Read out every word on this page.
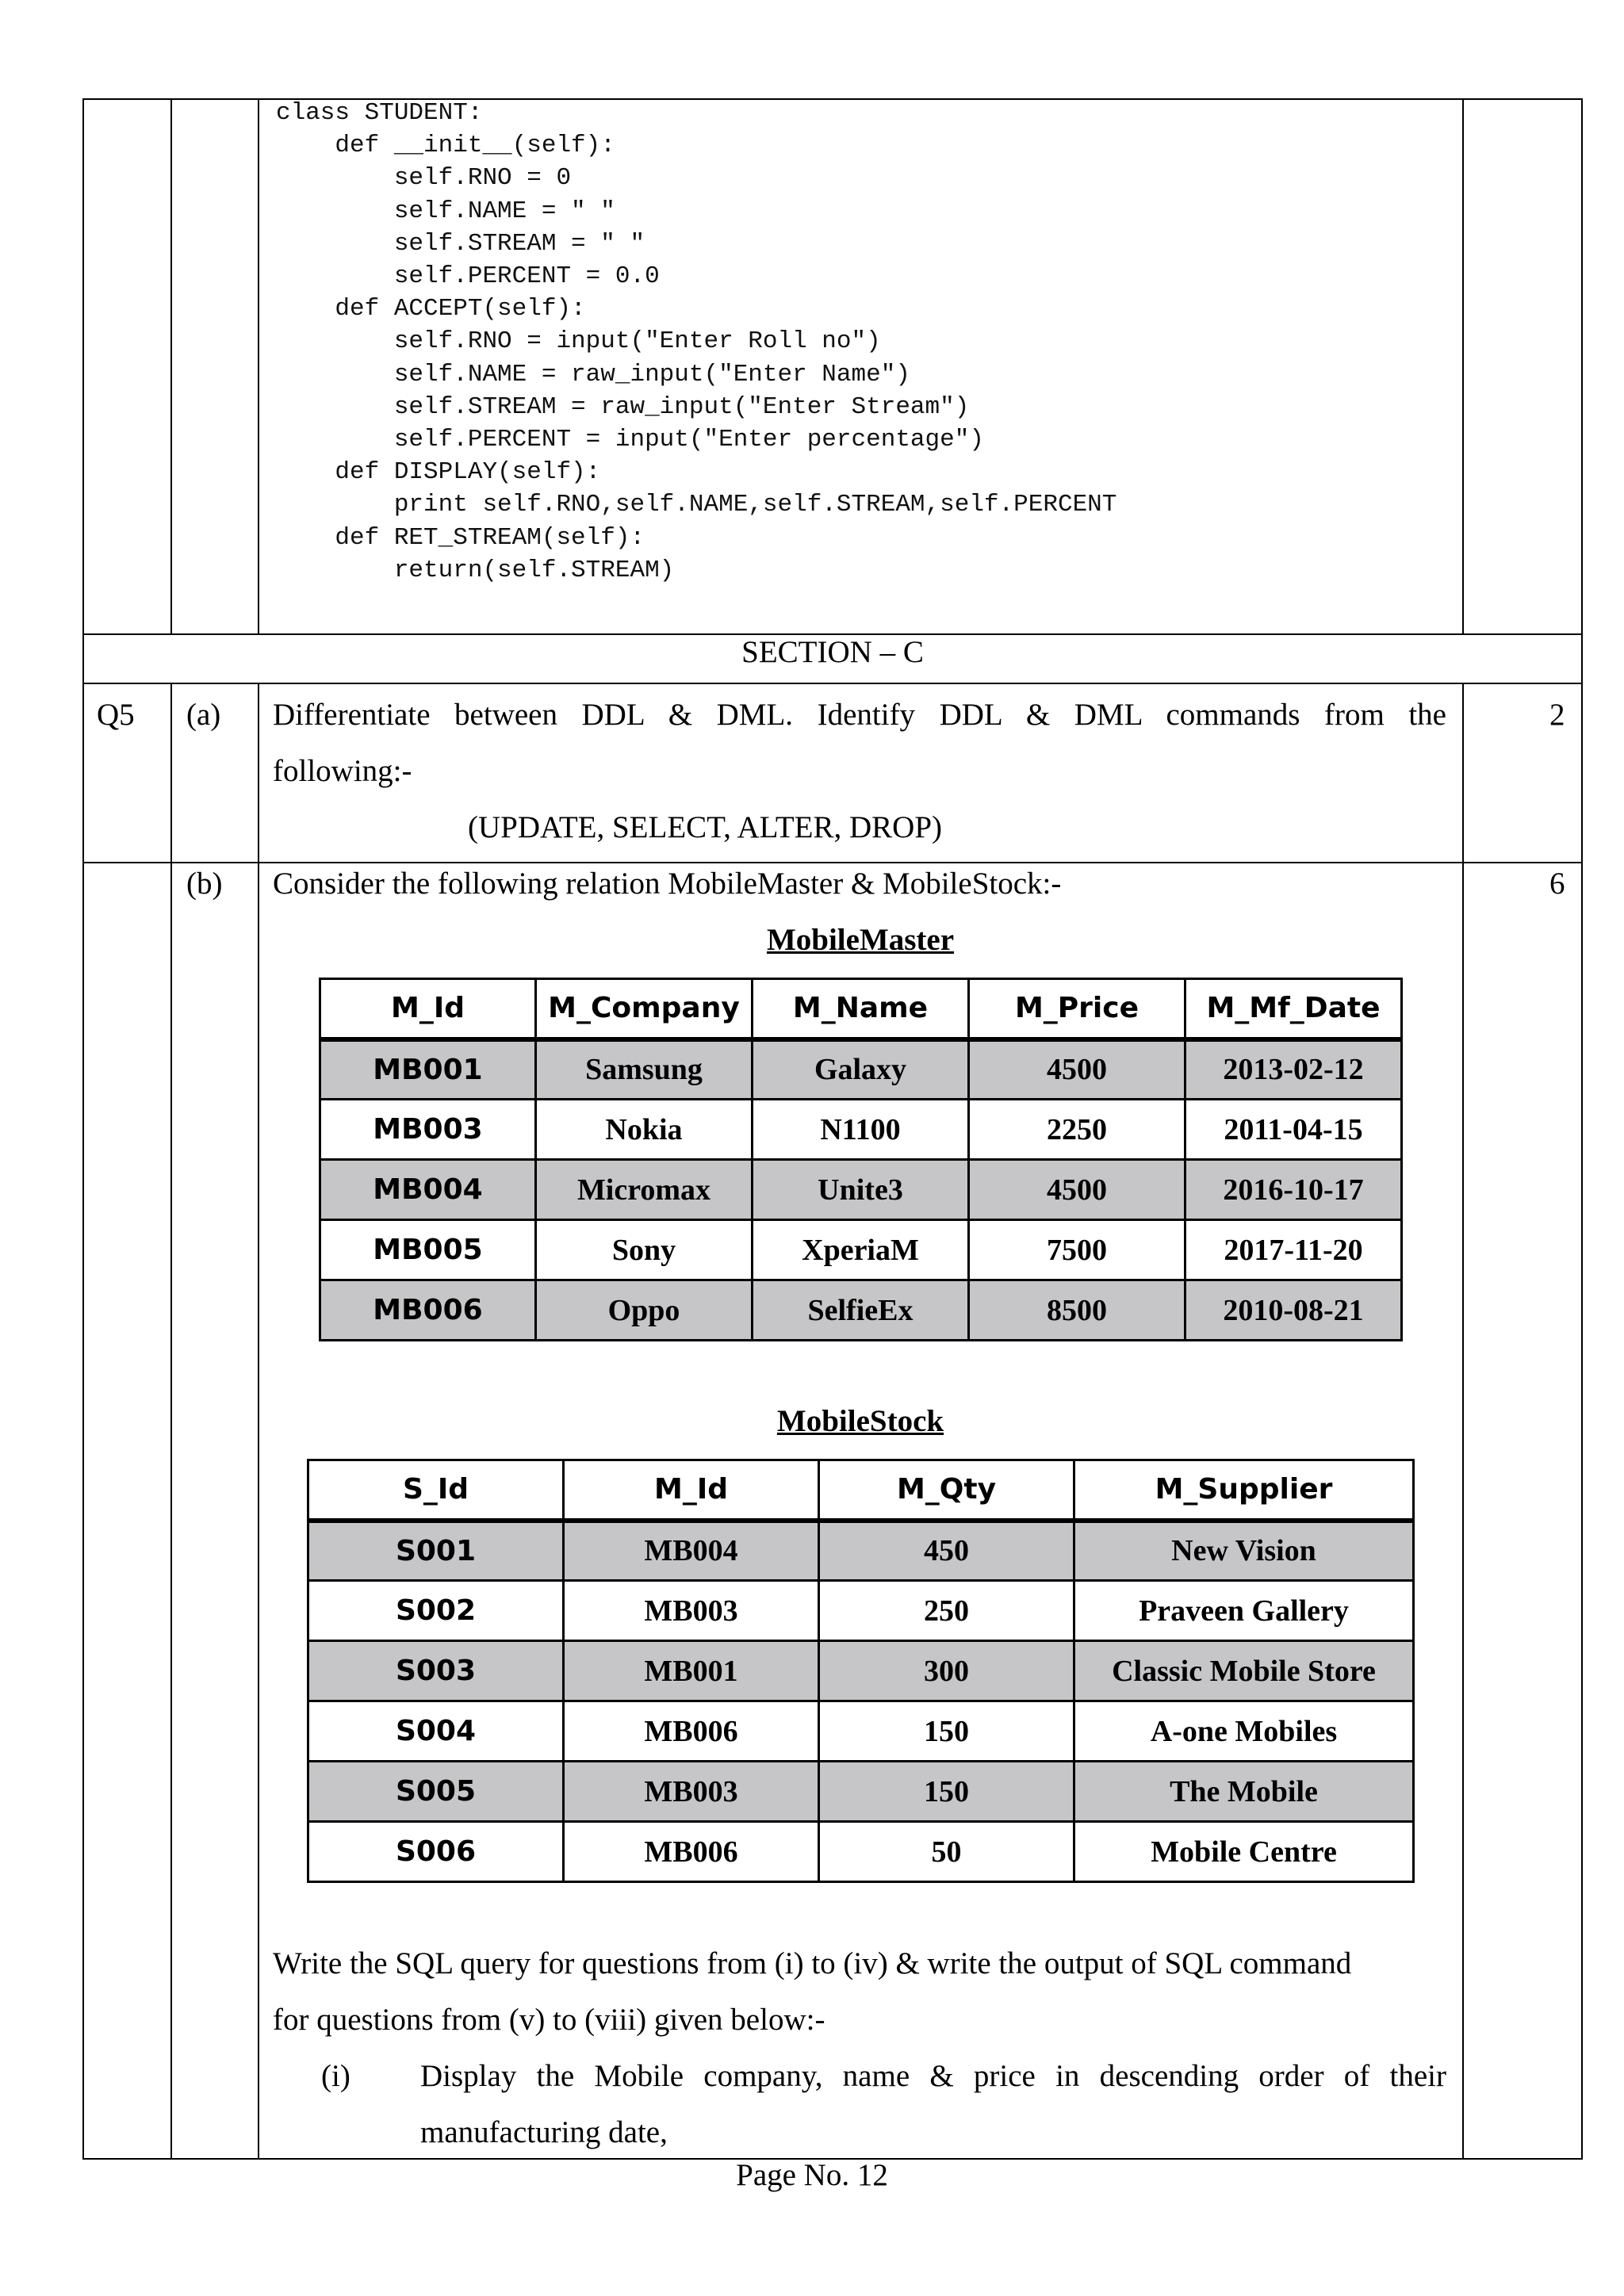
class STUDENT:
def __init__(self):
self.RNO = 0
self.NAME = " "
self.STREAM = " "
self.PERCENT = 0.0
def ACCEPT(self):
self.RNO = input("Enter Roll no")
self.NAME = raw_input("Enter Name")
self.STREAM = raw_input("Enter Stream")
self.PERCENT = input("Enter percentage")
def DISPLAY(self):
print self.RNO,self.NAME,self.STREAM,self.PERCENT
def RET_STREAM(self):
return(self.STREAM)
SECTION – C
Q5 (a) Differentiate between DDL & DML. Identify DDL & DML commands from the
following:-
(UPDATE, SELECT, ALTER, DROP)
2
(b) Consider the following relation MobileMaster & MobileStock:-	6
MobileMaster
M_Id	M_Company	M_Name	M_Price	M_Mf_Date
MB001	Samsung	Galaxy	4500	2013-02-12
MB003	Nokia	N1100	2250	2011-04-15
MB004	Micromax	Unite3	4500	2016-10-17
MB005	Sony	XperiaM	7500	2017-11-20
MB006	Oppo	SelfieEx	8500	2010-08-21
MobileStock
S_Id	M_Id	M_Qty	M_Supplier
S001	MB004	450	New Vision
S002	MB003	250	Praveen Gallery
S003	MB001	300	Classic Mobile Store
S004	MB006	150	A-one Mobiles
S005	MB003	150	The Mobile
S006	MB006	50	Mobile Centre
Write the SQL query for questions from (i) to (iv) & write the output of SQL command
for questions from (v) to (viii) given below:-
(i) Display the Mobile company, name & price in descending order of their
manufacturing date,
Page No. 12
